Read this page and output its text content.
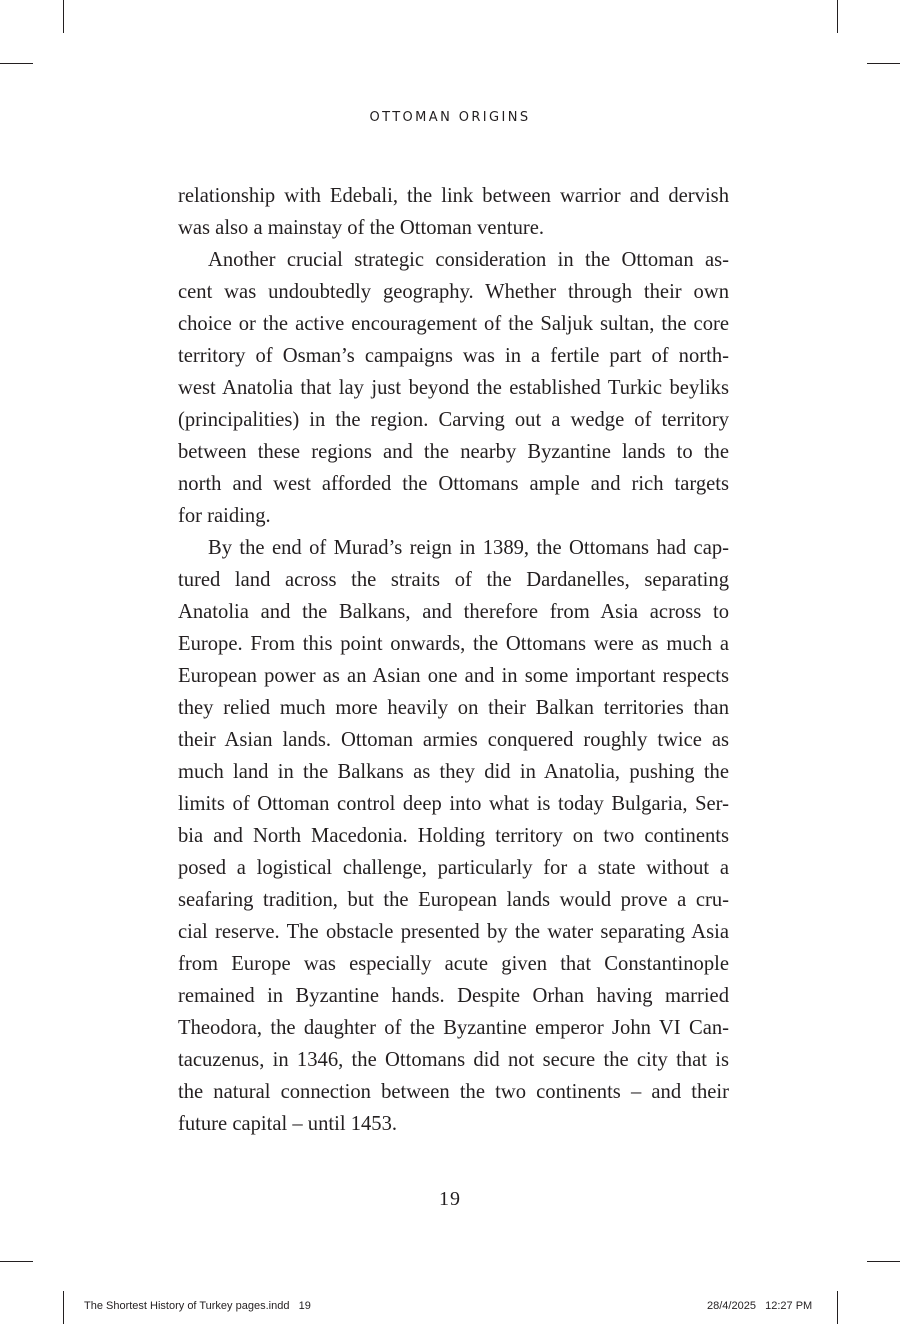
OTTOMAN ORIGINS
relationship with Edebali, the link between warrior and dervish
was also a mainstay of the Ottoman venture.
Another crucial strategic consideration in the Ottoman as-
cent was undoubtedly geography. Whether through their own
choice or the active encouragement of the Saljuk sultan, the core
territory of Osman’s campaigns was in a fertile part of north-
west Anatolia that lay just beyond the established Turkic beyliks
(principalities) in the region. Carving out a wedge of territory
between these regions and the nearby Byzantine lands to the
north and west afforded the Ottomans ample and rich targets
for raiding.
By the end of Murad’s reign in 1389, the Ottomans had cap-
tured land across the straits of the Dardanelles, separating
Anatolia and the Balkans, and therefore from Asia across to
Europe. From this point onwards, the Ottomans were as much a
European power as an Asian one and in some important respects
they relied much more heavily on their Balkan territories than
their Asian lands. Ottoman armies conquered roughly twice as
much land in the Balkans as they did in Anatolia, pushing the
limits of Ottoman control deep into what is today Bulgaria, Ser-
bia and North Macedonia. Holding territory on two continents
posed a logistical challenge, particularly for a state without a
seafaring tradition, but the European lands would prove a cru-
cial reserve. The obstacle presented by the water separating Asia
from Europe was especially acute given that Constantinople
remained in Byzantine hands. Despite Orhan having married
Theodora, the daughter of the Byzantine emperor John VI Can-
tacuzenus, in 1346, the Ottomans did not secure the city that is
the natural connection between the two continents – and their
future capital – until 1453.
19
The Shortest History of Turkey pages.indd   19	28/4/2025   12:27 PM
